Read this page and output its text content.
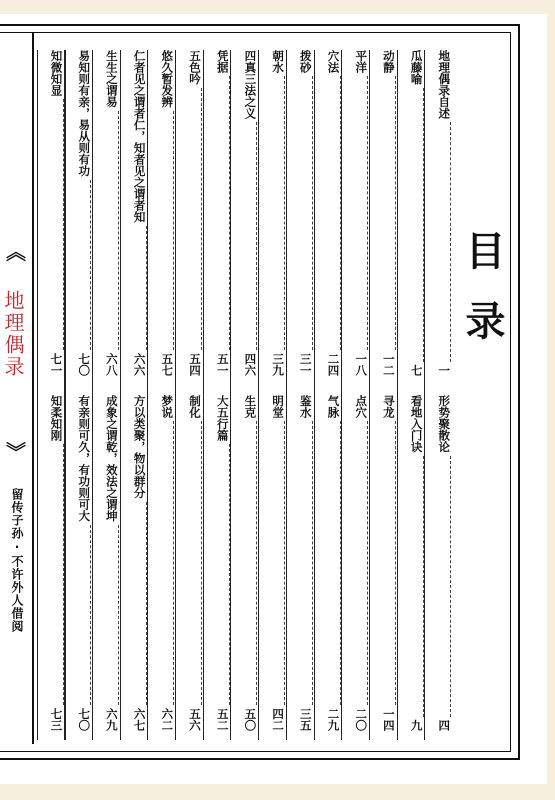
︽
地理偶录
︾
留传子孙·不许外人借阅
目录
地理偶录自述一
形势聚散论四
瓜藤喻七
看地入门诀九
动静一二
寻龙一四
平洋一八
点穴二〇
穴法二四
气脉二九
拨砂三一
鉴水三五
朝水三九
明堂四二
四真三法之义四六
生克五〇
凭据五一
大五行篇五二
五色吟五四
制化五六
悠久暂发辨五七
梦说六二
仁者见之谓者仁，知者见之谓者知六六
方以类聚，物以群分六七
生生之谓易六八
成象之谓乾，效法之谓坤六九
易知则有亲，易从则有功七〇
有亲则可久，有功则可大七〇
知微知显七一
知柔知刚七三
